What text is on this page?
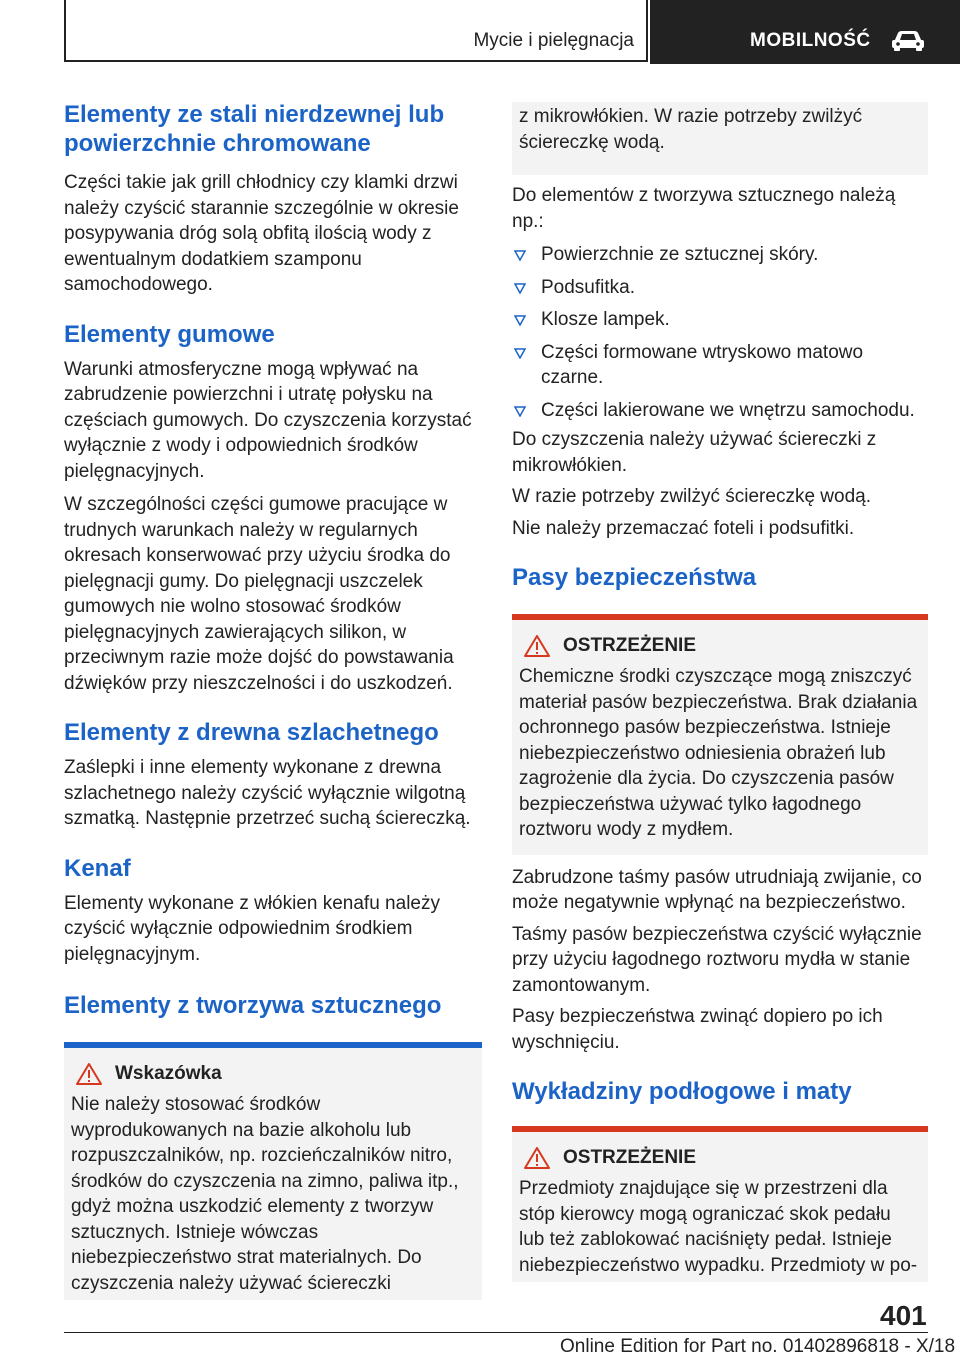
Mycie i pielęgnacja	MOBILNOŚĆ
Elementy ze stali nierdzewnej lub powierzchnie chromowane

Części takie jak grill chłodnicy czy klamki drzwi należy czyścić starannie szczególnie w okresie posypywania dróg solą obfitą ilością wody z ewentualnym dodatkiem szamponu samochodowego.

Elementy gumowe

Warunki atmosferyczne mogą wpływać na zabrudzenie powierzchni i utratę połysku na częściach gumowych. Do czyszczenia korzystać wyłącznie z wody i odpowiednich środków pielęgnacyjnych.

W szczególności części gumowe pracujące w trudnych warunkach należy w regularnych okresach konserwować przy użyciu środka do pielęgnacji gumy. Do pielęgnacji uszczelek gumowych nie wolno stosować środków pielęgnacyjnych zawierających silikon, w przeciwnym razie może dojść do powstawania dźwięków przy nieszczelności i do uszkodzeń.

Elementy z drewna szlachetnego

Zaślepki i inne elementy wykonane z drewna szlachetnego należy czyścić wyłącznie wilgotną szmatką. Następnie przetrzeć suchą ściereczką.

Kenaf

Elementy wykonane z włókien kenafu należy czyścić wyłącznie odpowiednim środkiem pielęgnacyjnym.

Elementy z tworzywa sztucznego
Wskazówka

Nie należy stosować środków wyprodukowanych na bazie alkoholu lub rozpuszczalników, np. rozcieńczalników nitro, środków do czyszczenia na zimno, paliwa itp., gdyż można uszkodzić elementy z tworzyw sztucznych. Istnieje wówczas niebezpieczeństwo strat materialnych. Do czyszczenia należy używać ściereczki

z mikrowłókien. W razie potrzeby zwilżyć ściereczkę wodą.

Do elementów z tworzywa sztucznego należą np.:

Powierzchnie ze sztucznej skóry.
Podsufitka.
Klosze lampek.
Części formowane wtryskowo matowo czarne.
Części lakierowane we wnętrzu samochodu.

Do czyszczenia należy używać ściereczki z mikrowłókien.

W razie potrzeby zwilżyć ściereczkę wodą.

Nie należy przemaczać foteli i podsufitki.

Pasy bezpieczeństwa
OSTRZEŻENIE

Chemiczne środki czyszczące mogą zniszczyć materiał pasów bezpieczeństwa. Brak działania ochronnego pasów bezpieczeństwa. Istnieje niebezpieczeństwo odniesienia obrażeń lub zagrożenie dla życia. Do czyszczenia pasów bezpieczeństwa używać tylko łagodnego roztworu wody z mydłem.

Zabrudzone taśmy pasów utrudniają zwijanie, co może negatywnie wpłynąć na bezpieczeństwo.

Taśmy pasów bezpieczeństwa czyścić wyłącznie przy użyciu łagodnego roztworu mydła w stanie zamontowanym.

Pasy bezpieczeństwa zwinąć dopiero po ich wyschnięciu.

Wykładziny podłogowe i maty
OSTRZEŻENIE

Przedmioty znajdujące się w przestrzeni dla stóp kierowcy mogą ograniczać skok pedału lub też zablokować naciśnięty pedał. Istnieje niebezpieczeństwo wypadku. Przedmioty w po-

401
Online Edition for Part no. 01402896818 - X/18
